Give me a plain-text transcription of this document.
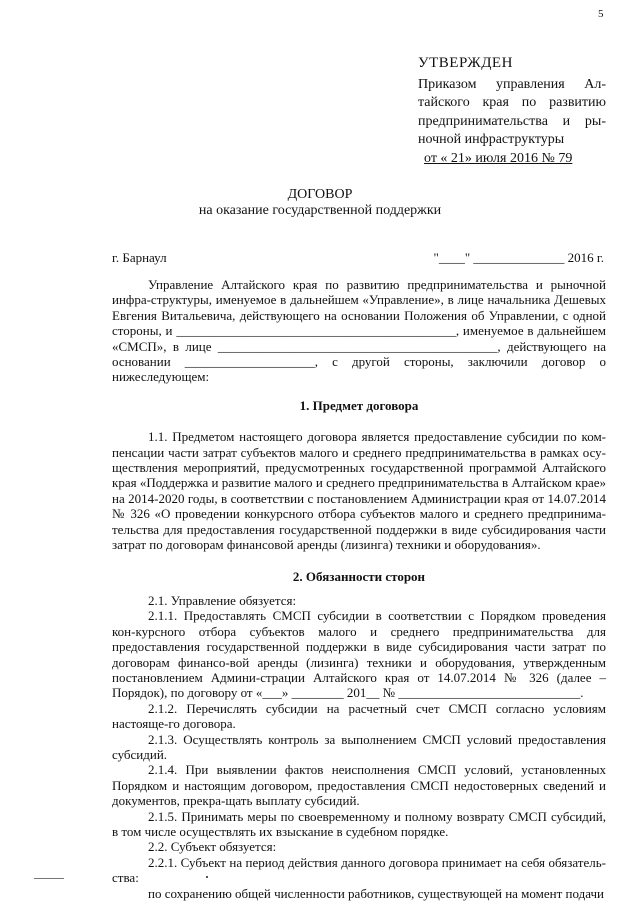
5
УТВЕРЖДЕН
Приказом управления Ал-
тайского края по развитию
предпринимательства и ры-
ночной инфраструктуры
от « 21» июля 2016 № 79
ДОГОВОР
на оказание государственной поддержки
г. Барнаул	"____" ______________ 2016 г.

Управление Алтайского края по развитию предпринимательства и рыночной инфра-структуры, именуемое в дальнейшем «Управление», в лице начальника Дешевых Евгения Витальевича, действующего на основании Положения об Управлении, с одной стороны, и ___________________________________________, именуемое в дальнейшем «СМСП», в лице ___________________________________________, действующего на основании ____________________, с другой стороны, заключили договор о нижеследующем:

1. Предмет договора

1.1. Предметом настоящего договора является предоставление субсидии по ком-пенсации части затрат субъектов малого и среднего предпринимательства в рамках осу-ществления мероприятий, предусмотренных государственной программой Алтайского края «Поддержка и развитие малого и среднего предпринимательства в Алтайском крае» на 2014-2020 годы, в соответствии с постановлением Администрации края от 14.07.2014 № 326 «О проведении конкурсного отбора субъектов малого и среднего предпринима-тельства для предоставления государственной поддержки в виде субсидирования части затрат по договорам финансовой аренды (лизинга) техники и оборудования».

2. Обязанности сторон

2.1. Управление обязуется:

2.1.1. Предоставлять СМСП субсидии в соответствии с Порядком проведения кон-курсного отбора субъектов малого и среднего предпринимательства для предоставления государственной поддержки в виде субсидирования части затрат по договорам финансо-вой аренды (лизинга) техники и оборудования, утвержденным постановлением Админи-страции Алтайского края от 14.07.2014 № 326 (далее – Порядок), по договору от «___» ________ 201__ № ____________________________.

2.1.2. Перечислять субсидии на расчетный счет СМСП согласно условиям настояще-го договора.

2.1.3. Осуществлять контроль за выполнением СМСП условий предоставления субсидий.

2.1.4. При выявлении фактов неисполнения СМСП условий, установленных Порядком и настоящим договором, предоставления СМСП недостоверных сведений и документов, прекра-щать выплату субсидий.

2.1.5. Принимать меры по своевременному и полному возврату СМСП субсидий, в том числе осуществлять их взыскание в судебном порядке.

2.2. Субъект обязуется:

2.2.1. Субъект на период действия данного договора принимает на себя обязатель-ства:

по сохранению общей численности работников, существующей на момент подачи
